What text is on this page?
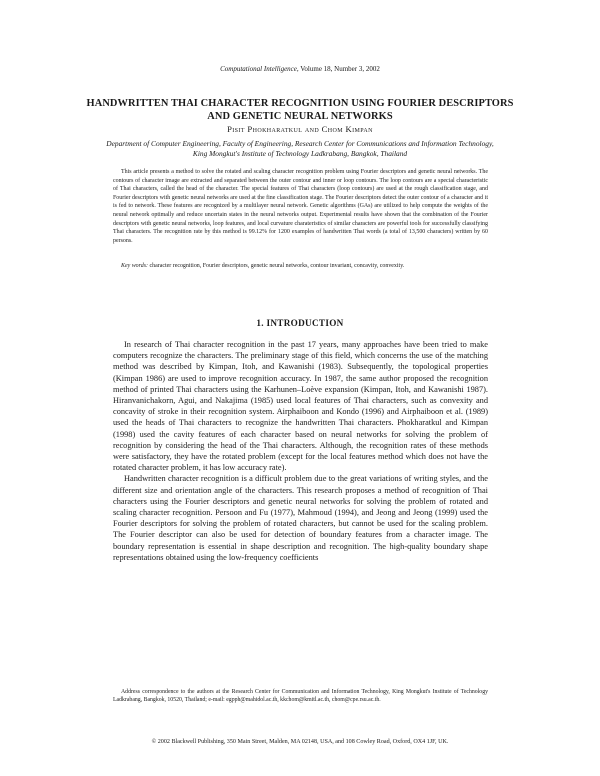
Computational Intelligence, Volume 18, Number 3, 2002
HANDWRITTEN THAI CHARACTER RECOGNITION USING FOURIER DESCRIPTORS AND GENETIC NEURAL NETWORKS
Pisit Phokharatkul and Chom Kimpan
Department of Computer Engineering, Faculty of Engineering, Research Center for Communications and Information Technology, King Mongkut's Institute of Technology Ladkrabang, Bangkok, Thailand

This article presents a method to solve the rotated and scaling character recognition problem using Fourier descriptors and genetic neural networks. The contours of character image are extracted and separated between the outer contour and inner or loop contours. The loop contours are a special characteristic of Thai characters, called the head of the character. The special features of Thai characters (loop contours) are used at the rough classification stage, and Fourier descriptors with genetic neural networks are used at the fine classification stage. The Fourier descriptors detect the outer contour of a character and it is fed to network. These features are recognized by a multilayer neural network. Genetic algorithms (GAs) are utilized to help compute the weights of the neural network optimally and reduce uncertain states in the neural networks output. Experimental results have shown that the combination of the Fourier descriptors with genetic neural networks, loop features, and local curvature charateristics of similar characters are powerful tools for successfully classifying Thai characters. The recognition rate by this method is 99.12% for 1200 examples of handwritten Thai words (a total of 13,500 characters) written by 60 persons.

Key words: character recognition, Fourier descriptors, genetic neural networks, contour invariant, concavity, convexity.

1. INTRODUCTION

In research of Thai character recognition in the past 17 years, many approaches have been tried to make computers recognize the characters. The preliminary stage of this field, which concerns the use of the matching method was described by Kimpan, Itoh, and Kawanishi (1983). Subsequently, the topological properties (Kimpan 1986) are used to improve recognition accuracy. In 1987, the same author proposed the recognition method of printed Thai characters using the Karhunen–Loève expansion (Kimpan, Itoh, and Kawanishi 1987). Hiranvanichakorn, Agui, and Nakajima (1985) used local features of Thai characters, such as convexity and concavity of stroke in their recognition system. Airphaiboon and Kondo (1996) and Airphaiboon et al. (1989) used the heads of Thai characters to recognize the handwritten Thai characters. Phokharatkul and Kimpan (1998) used the cavity features of each character based on neural networks for solving the problem of recognition by considering the head of the Thai characters. Although, the recognition rates of these methods were satisfactory, they have the rotated problem (except for the local features method which does not have the rotated character problem, it has low accuracy rate).

Handwritten character recognition is a difficult problem due to the great variations of writing styles, and the different size and orientation angle of the characters. This research proposes a method of recognition of Thai characters using the Fourier descriptors and genetic neural networks for solving the problem of rotated and scaling character recognition. Persoon and Fu (1977), Mahmoud (1994), and Jeong and Jeong (1999) used the Fourier descriptors for solving the problem of rotated characters, but cannot be used for the scaling problem. The Fourier descriptor can also be used for detection of boundary features from a character image. The boundary representation is essential in shape description and recognition. The high-quality boundary shape representations obtained using the low-frequency coefficients

Address correspondence to the authors at the Research Center for Communication and Information Technology, King Mongkut's Institute of Technology Ladkrabang, Bangkok, 10520, Thailand; e-mail: egpph@mahidol.ac.th, kkchom@kmitl.ac.th, chom@cpe.rsu.ac.th.

© 2002 Blackwell Publishing, 350 Main Street, Malden, MA 02148, USA, and 108 Cowley Road, Oxford, OX4 1JF, UK.
